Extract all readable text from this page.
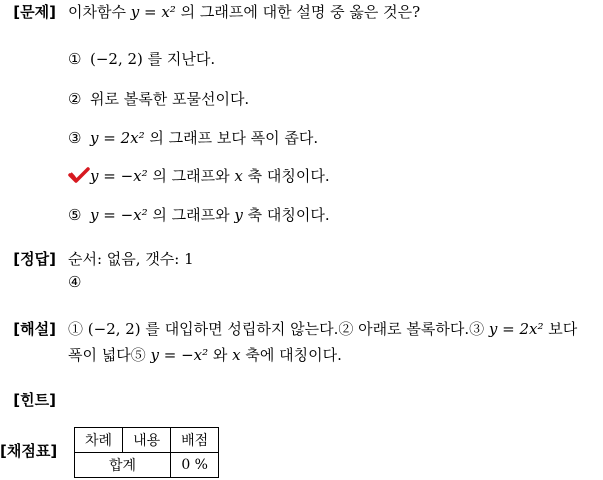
[문제] 이차함수 y = x² 의 그래프에 대한 설명 중 옳은 것은?
① (−2, 2) 를 지난다.
② 위로 볼록한 포물선이다.
③ y = 2x² 의 그래프 보다 폭이 좁다.
y = −x² 의 그래프와 x 축 대칭이다.
⑤ y = −x² 의 그래프와 y 축 대칭이다.
[정답] 순서: 없음, 갯수: 1
④
[해설] ① (−2, 2) 를 대입하면 성립하지 않는다.② 아래로 볼록하다.③ y = 2x² 보다
폭이 넓다⑤ y = −x² 와 x 축에 대칭이다.
[힌트]
[채점표]
차례	내용	배점
합계		0 %
